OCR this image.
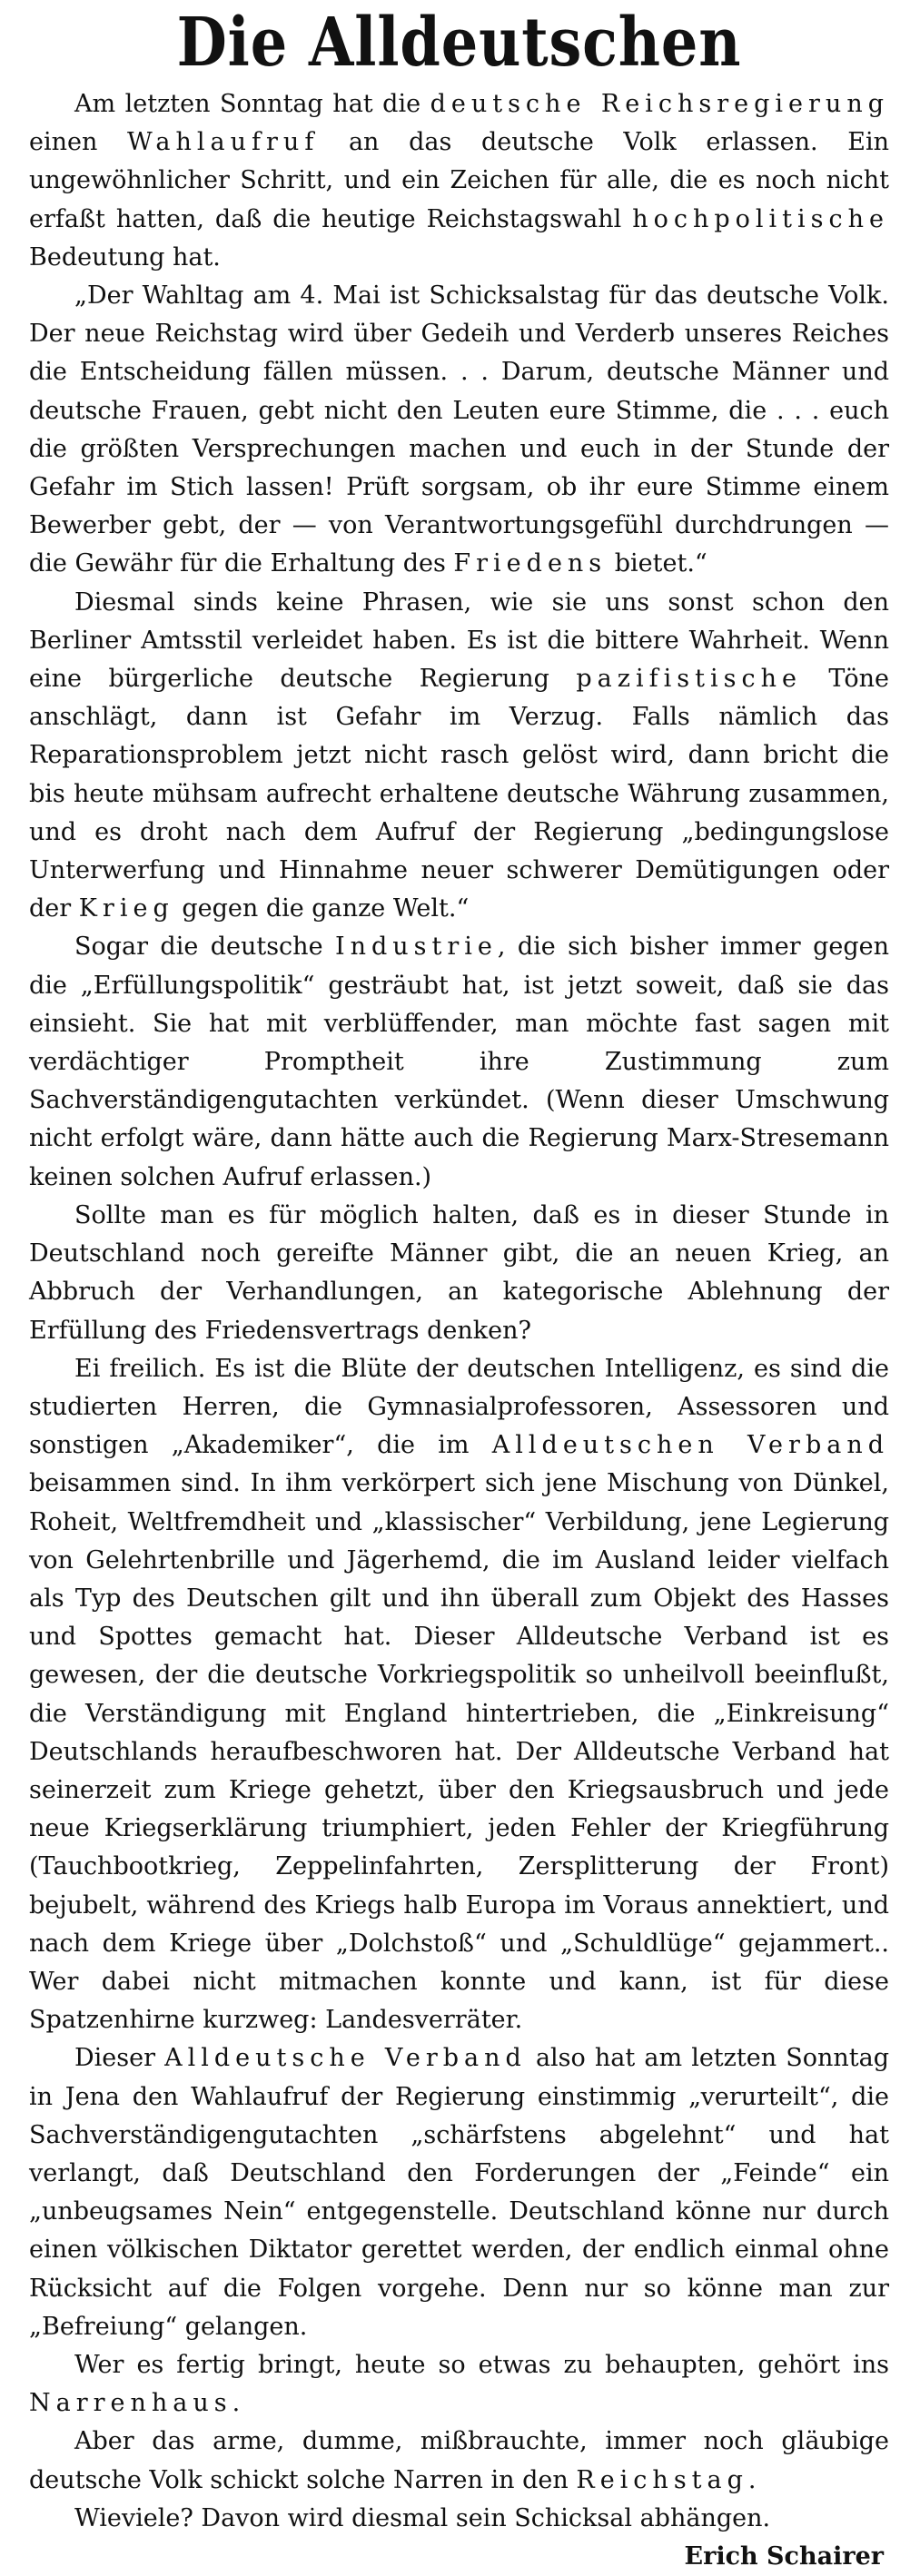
Die Alldeutschen

Am letzten Sonntag hat die deutsche Reichsregierung einen Wahlaufruf an das deutsche Volk erlassen. Ein ungewöhnlicher Schritt, und ein Zeichen für alle, die es noch nicht erfaßt hatten, daß die heutige Reichstagswahl hochpolitische Bedeutung hat.

„Der Wahltag am 4. Mai ist Schicksalstag für das deutsche Volk. Der neue Reichstag wird über Gedeih und Verderb unseres Reiches die Entscheidung fällen müssen. . . Darum, deutsche Männer und deutsche Frauen, gebt nicht den Leuten eure Stimme, die . . . euch die größten Versprechungen machen und euch in der Stunde der Gefahr im Stich lassen! Prüft sorgsam, ob ihr eure Stimme einem Bewerber gebt, der — von Verantwortungsgefühl durchdrungen — die Gewähr für die Erhaltung des Friedens bietet.“

Diesmal sinds keine Phrasen, wie sie uns sonst schon den Berliner Amtsstil verleidet haben. Es ist die bittere Wahrheit. Wenn eine bürgerliche deutsche Regierung pazifistische Töne anschlägt, dann ist Gefahr im Verzug. Falls nämlich das Reparationsproblem jetzt nicht rasch gelöst wird, dann bricht die bis heute mühsam aufrecht erhaltene deutsche Währung zusammen, und es droht nach dem Aufruf der Regierung „bedingungslose Unterwerfung und Hinnahme neuer schwerer Demütigungen oder der Krieg gegen die ganze Welt.“

Sogar die deutsche Industrie, die sich bisher immer gegen die „Erfüllungspolitik“ gesträubt hat, ist jetzt soweit, daß sie das einsieht. Sie hat mit verblüffender, man möchte fast sagen mit verdächtiger Promptheit ihre Zustimmung zum Sachverständigengutachten verkündet. (Wenn dieser Umschwung nicht erfolgt wäre, dann hätte auch die Regierung Marx-Stresemann keinen solchen Aufruf erlassen.)

Sollte man es für möglich halten, daß es in dieser Stunde in Deutschland noch gereifte Männer gibt, die an neuen Krieg, an Abbruch der Verhandlungen, an kategorische Ablehnung der Erfüllung des Friedensvertrags denken?

Ei freilich. Es ist die Blüte der deutschen Intelligenz, es sind die studierten Herren, die Gymnasialprofessoren, Assessoren und sonstigen „Akademiker“, die im Alldeutschen Verband beisammen sind. In ihm verkörpert sich jene Mischung von Dünkel, Roheit, Weltfremdheit und „klassischer“ Verbildung, jene Legierung von Gelehrtenbrille und Jägerhemd, die im Ausland leider vielfach als Typ des Deutschen gilt und ihn überall zum Objekt des Hasses und Spottes gemacht hat. Dieser Alldeutsche Verband ist es gewesen, der die deutsche Vorkriegspolitik so unheilvoll beeinflußt, die Verständigung mit England hintertrieben, die „Einkreisung“ Deutschlands heraufbeschworen hat. Der Alldeutsche Verband hat seinerzeit zum Kriege gehetzt, über den Kriegsausbruch und jede neue Kriegserklärung triumphiert, jeden Fehler der Kriegführung (Tauchbootkrieg, Zeppelinfahrten, Zersplitterung der Front) bejubelt, während des Kriegs halb Europa im Voraus annektiert, und nach dem Kriege über „Dolchstoß“ und „Schuldlüge“ gejammert.. Wer dabei nicht mitmachen konnte und kann, ist für diese Spatzenhirne kurzweg: Landesverräter.

Dieser Alldeutsche Verband also hat am letzten Sonntag in Jena den Wahlaufruf der Regierung einstimmig „verurteilt“, die Sachverständigengutachten „schärfstens abgelehnt“ und hat verlangt, daß Deutschland den Forderungen der „Feinde“ ein „unbeugsames Nein“ entgegenstelle. Deutschland könne nur durch einen völkischen Diktator gerettet werden, der endlich einmal ohne Rücksicht auf die Folgen vorgehe. Denn nur so könne man zur „Befreiung“ gelangen.

Wer es fertig bringt, heute so etwas zu behaupten, gehört ins Narrenhaus.

Aber das arme, dumme, mißbrauchte, immer noch gläubige deutsche Volk schickt solche Narren in den Reichstag.

Wieviele? Davon wird diesmal sein Schicksal abhängen.

Erich Schairer
